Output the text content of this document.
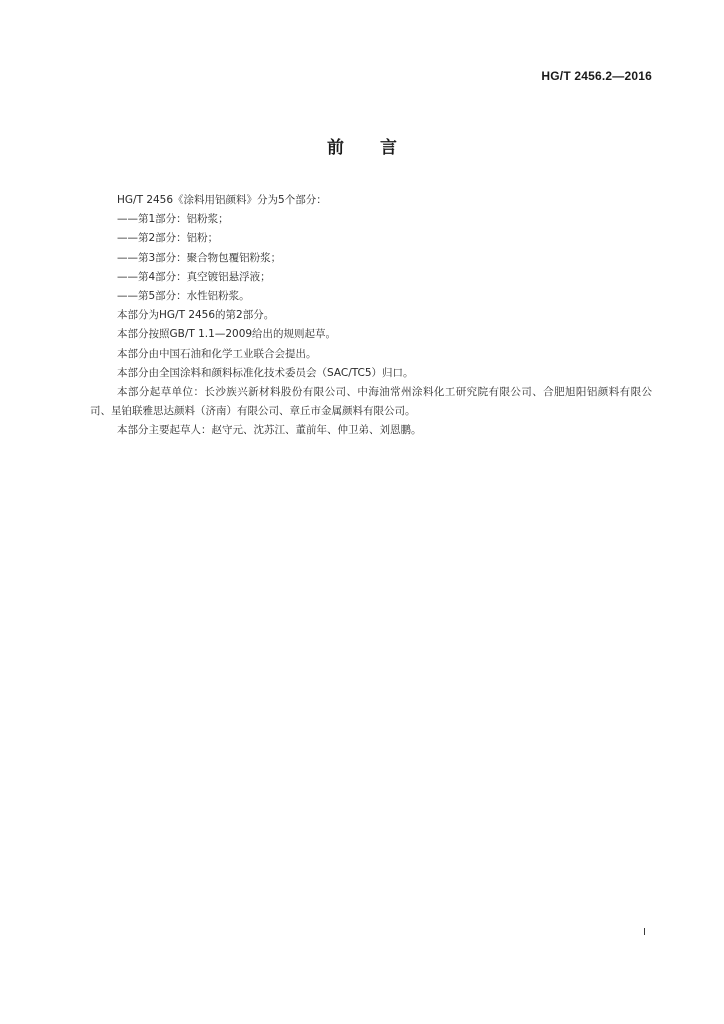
HG/T 2456.2—2016
前言

HG/T 2456《涂料用铝颜料》分为5个部分：

——第1部分：铝粉浆；

——第2部分：铝粉；

——第3部分：聚合物包覆铝粉浆；

——第4部分：真空镀铝悬浮液；

——第5部分：水性铝粉浆。

本部分为HG/T 2456的第2部分。

本部分按照GB/T 1.1—2009给出的规则起草。

本部分由中国石油和化学工业联合会提出。

本部分由全国涂料和颜料标准化技术委员会（SAC/TC5）归口。

本部分起草单位：长沙族兴新材料股份有限公司、中海油常州涂料化工研究院有限公司、合肥旭阳铝颜料有限公司、星铂联雅思达颜料（济南）有限公司、章丘市金属颜料有限公司。

本部分主要起草人：赵守元、沈苏江、董前年、仲卫弟、刘恩鹏。

I
